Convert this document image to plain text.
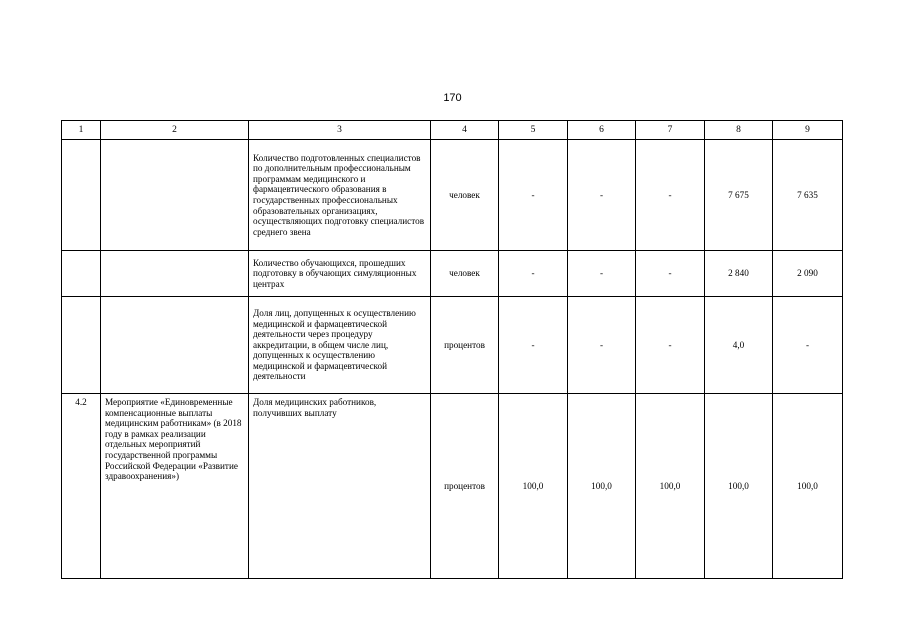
170
1	2	3	4	5	6	7	8	9
		Количество подготовленных специалистов по дополнительным профессиональным программам медицинского и фармацевтического образования в государственных профессиональных образовательных организациях, осуществляющих подготовку специалистов среднего звена	человек	-	-	-	7 675	7 635
		Количество обучающихся, прошедших подготовку в обучающих симуляционных центрах	человек	-	-	-	2 840	2 090
		Доля лиц, допущенных к осуществлению медицинской и фармацевтической деятельности через процедуру аккредитации, в общем числе лиц, допущенных к осуществлению медицинской и фармацевтической деятельности	процентов	-	-	-	4,0	-
4.2	Мероприятие «Единовременные компенсационные выплаты медицинским работникам» (в 2018 году в рамках реализации отдельных мероприятий государственной программы Российской Федерации «Развитие здравоохранения»)	Доля медицинских работников, получивших выплату	процентов	100,0	100,0	100,0	100,0	100,0
